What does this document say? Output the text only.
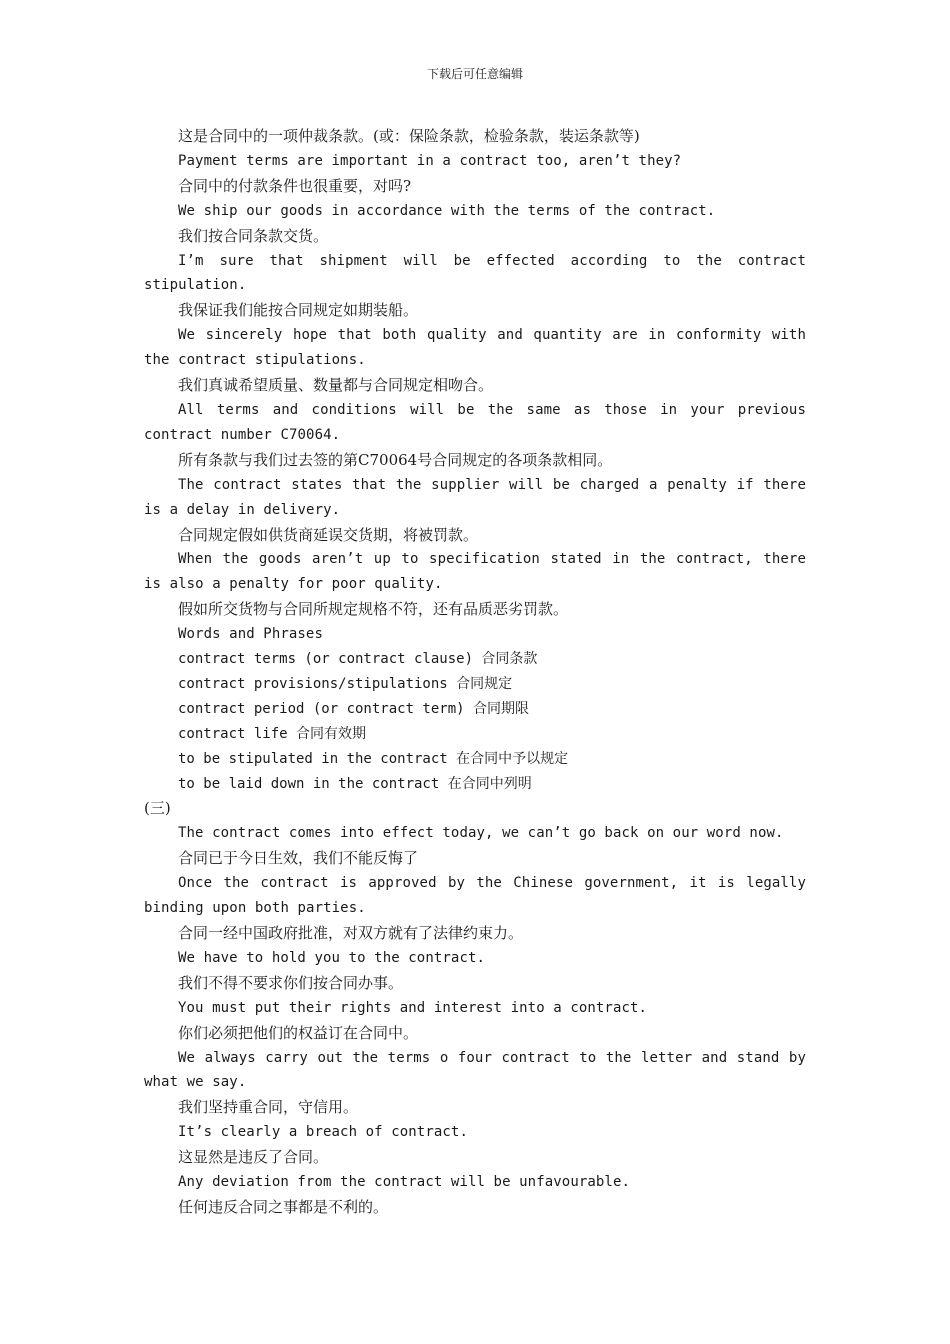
下载后可任意编辑

这是合同中的一项仲裁条款。(或：保险条款，检验条款，装运条款等)

Payment terms are important in a contract too, aren’t they?

合同中的付款条件也很重要，对吗?

We ship our goods in accordance with the terms of the contract.

我们按合同条款交货。

I’m sure that shipment will be effected according to the contract stipulation.

我保证我们能按合同规定如期装船。

We sincerely hope that both quality and quantity are in conformity with the contract stipulations.

我们真诚希望质量、数量都与合同规定相吻合。

All terms and conditions will be the same as those in your previous contract number C70064.

所有条款与我们过去签的第C70064号合同规定的各项条款相同。

The contract states that the supplier will be charged a penalty if there is a delay in delivery.

合同规定假如供货商延误交货期，将被罚款。

When the goods aren’t up to specification stated in the contract, there is also a penalty for poor quality.

假如所交货物与合同所规定规格不符，还有品质恶劣罚款。

Words and Phrases

contract terms (or contract clause) 合同条款

contract provisions/stipulations 合同规定

contract period (or contract term) 合同期限

contract life 合同有效期

to be stipulated in the contract 在合同中予以规定

to be laid down in the contract 在合同中列明

(三)

The contract comes into effect today, we can’t go back on our word now.

合同已于今日生效，我们不能反悔了

Once the contract is approved by the Chinese government, it is legally binding upon both parties.

合同一经中国政府批准，对双方就有了法律约束力。

We have to hold you to the contract.

我们不得不要求你们按合同办事。

You must put their rights and interest into a contract.

你们必须把他们的权益订在合同中。

We always carry out the terms o four contract to the letter and stand by what we say.

我们坚持重合同，守信用。

It’s clearly a breach of contract.

这显然是违反了合同。

Any deviation from the contract will be unfavourable.

任何违反合同之事都是不利的。
